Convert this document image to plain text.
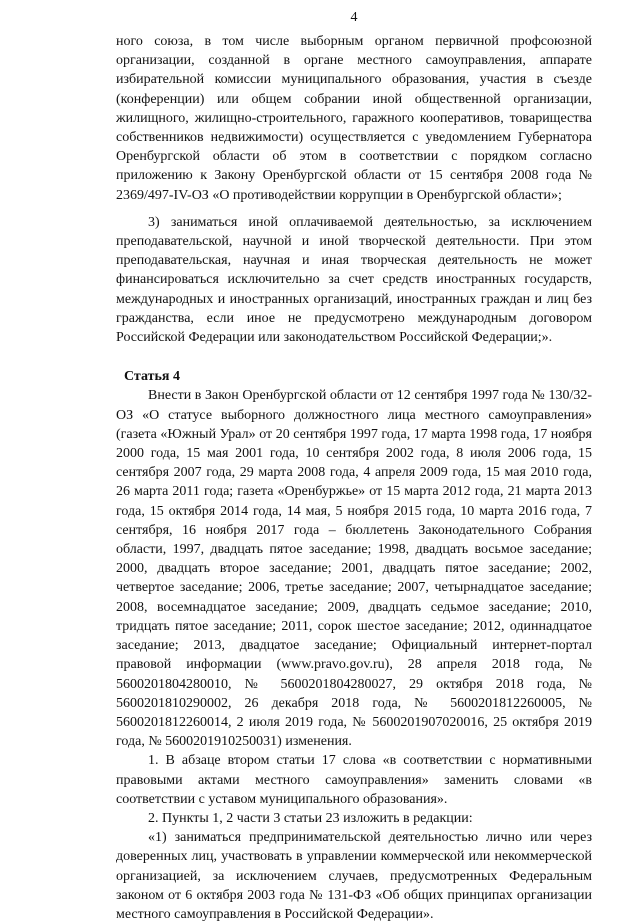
4

ного союза, в том числе выборным органом первичной профсоюзной организации, созданной в органе местного самоуправления, аппарате избирательной комиссии муниципального образования, участия в съезде (конференции) или общем собрании иной общественной организации, жилищного, жилищно-строительного, гаражного кооперативов, товарищества собственников недвижимости) осуществляется с уведомлением Губернатора Оренбургской области об этом в соответствии с порядком согласно приложению к Закону Оренбургской области от 15 сентября 2008 года № 2369/497-IV-ОЗ «О противодействии коррупции в Оренбургской области»;

3) заниматься иной оплачиваемой деятельностью, за исключением преподавательской, научной и иной творческой деятельности. При этом преподавательская, научная и иная творческая деятельность не может финансироваться исключительно за счет средств иностранных государств, международных и иностранных организаций, иностранных граждан и лиц без гражданства, если иное не предусмотрено международным договором Российской Федерации или законодательством Российской Федерации;».

Статья 4

Внести в Закон Оренбургской области от 12 сентября 1997 года № 130/32-ОЗ «О статусе выборного должностного лица местного самоуправления» (газета «Южный Урал» от 20 сентября 1997 года, 17 марта 1998 года, 17 ноября 2000 года, 15 мая 2001 года, 10 сентября 2002 года, 8 июля 2006 года, 15 сентября 2007 года, 29 марта 2008 года, 4 апреля 2009 года, 15 мая 2010 года, 26 марта 2011 года; газета «Оренбуржье» от 15 марта 2012 года, 21 марта 2013 года, 15 октября 2014 года, 14 мая, 5 ноября 2015 года, 10 марта 2016 года, 7 сентября, 16 ноября 2017 года – бюллетень Законодательного Собрания области, 1997, двадцать пятое заседание; 1998, двадцать восьмое заседание; 2000, двадцать второе заседание; 2001, двадцать пятое заседание; 2002, четвертое заседание; 2006, третье заседание; 2007, четырнадцатое заседание; 2008, восемнадцатое заседание; 2009, двадцать седьмое заседание; 2010, тридцать пятое заседание; 2011, сорок шестое заседание; 2012, одиннадцатое заседание; 2013, двадцатое заседание; Официальный интернет-портал правовой информации (www.pravo.gov.ru), 28 апреля 2018 года, № 5600201804280010, № 5600201804280027, 29 октября 2018 года, № 5600201810290002, 26 декабря 2018 года, № 5600201812260005, № 5600201812260014, 2 июля 2019 года, № 5600201907020016, 25 октября 2019 года, № 5600201910250031) изменения.

1. В абзаце втором статьи 17 слова «в соответствии с нормативными правовыми актами местного самоуправления» заменить словами «в соответствии с уставом муниципального образования».

2. Пункты 1, 2 части 3 статьи 23 изложить в редакции:

«1) заниматься предпринимательской деятельностью лично или через доверенных лиц, участвовать в управлении коммерческой или некоммерческой организацией, за исключением случаев, предусмотренных Федеральным законом от 6 октября 2003 года № 131-ФЗ «Об общих принципах организации местного самоуправления в Российской Федерации».
